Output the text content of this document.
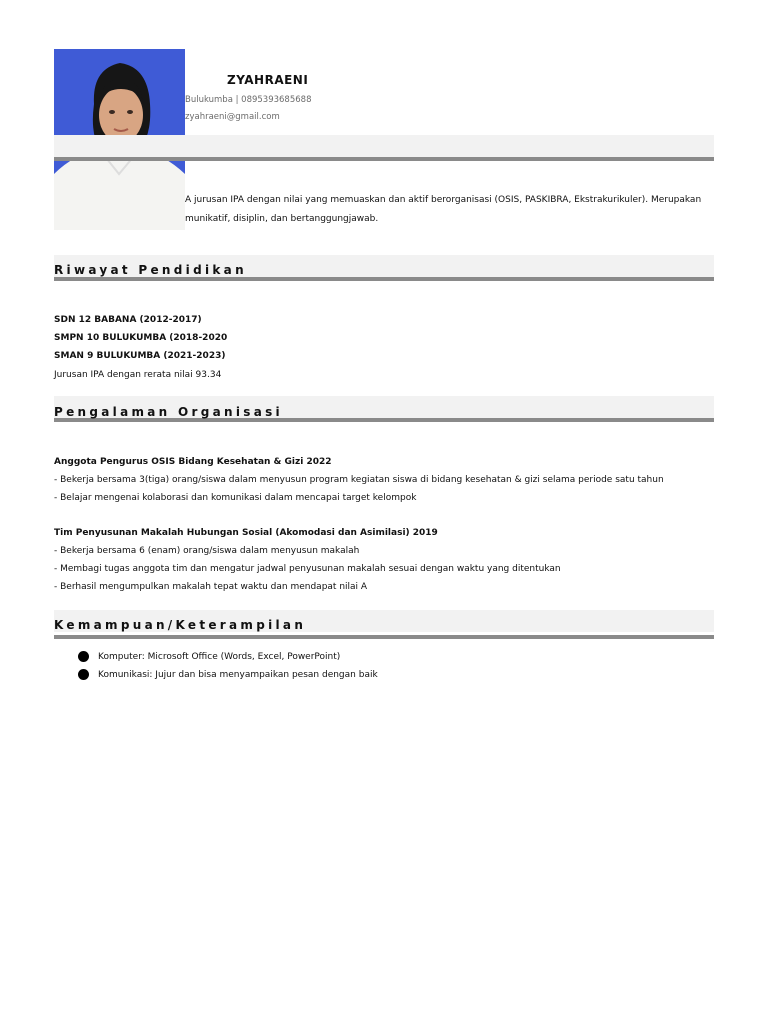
ZYAHRAENI
Bulukumba | 0895393685688
zyahraeni@gmail.com
A jurusan IPA dengan nilai yang memuaskan dan aktif berorganisasi (OSIS, PASKIBRA, Ekstrakurikuler). Merupakan
munikatif, disiplin, dan bertanggungjawab.
Riwayat Pendidikan
SDN 12 BABANA (2012-2017)
SMPN 10 BULUKUMBA (2018-2020
SMAN 9 BULUKUMBA (2021-2023)
Jurusan IPA dengan rerata nilai 93.34
Pengalaman Organisasi
Anggota Pengurus OSIS Bidang Kesehatan & Gizi 2022
- Bekerja bersama 3(tiga) orang/siswa dalam menyusun program kegiatan siswa di bidang kesehatan & gizi selama periode satu tahun
- Belajar mengenai kolaborasi dan komunikasi dalam mencapai target kelompok
Tim Penyusunan Makalah Hubungan Sosial (Akomodasi dan Asimilasi) 2019
- Bekerja bersama 6 (enam) orang/siswa dalam menyusun makalah
- Membagi tugas anggota tim dan mengatur jadwal penyusunan makalah sesuai dengan waktu yang ditentukan
- Berhasil mengumpulkan makalah tepat waktu dan mendapat nilai A
Kemampuan/Keterampilan
Komputer: Microsoft Office (Words, Excel, PowerPoint)
Komunikasi: Jujur dan bisa menyampaikan pesan dengan baik
